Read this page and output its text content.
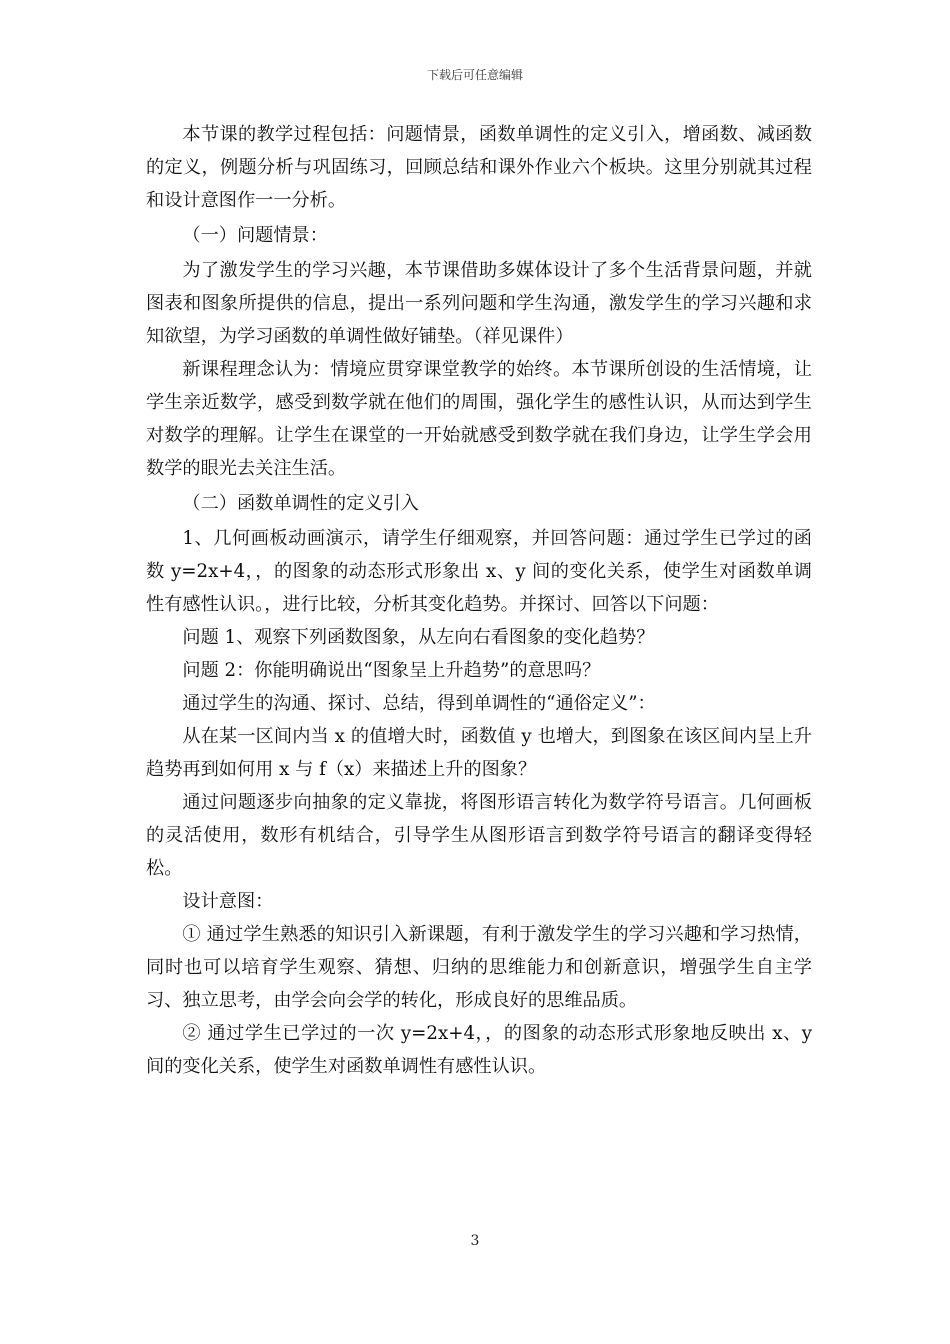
下载后可任意编辑

本节课的教学过程包括：问题情景，函数单调性的定义引入，增函数、减函数的定义，例题分析与巩固练习，回顾总结和课外作业六个板块。这里分别就其过程和设计意图作一一分析。

（一）问题情景：

为了激发学生的学习兴趣，本节课借助多媒体设计了多个生活背景问题，并就图表和图象所提供的信息，提出一系列问题和学生沟通，激发学生的学习兴趣和求知欲望，为学习函数的单调性做好铺垫。（祥见课件）

新课程理念认为：情境应贯穿课堂教学的始终。本节课所创设的生活情境，让学生亲近数学，感受到数学就在他们的周围，强化学生的感性认识，从而达到学生对数学的理解。让学生在课堂的一开始就感受到数学就在我们身边，让学生学会用数学的眼光去关注生活。

（二）函数单调性的定义引入

1、几何画板动画演示，请学生仔细观察，并回答问题：通过学生已学过的函数 y=2x+4，，的图象的动态形式形象出 x、y 间的变化关系，使学生对函数单调性有感性认识。，进行比较，分析其变化趋势。并探讨、回答以下问题：

问题 1、观察下列函数图象，从左向右看图象的变化趋势？

问题 2：你能明确说出“图象呈上升趋势”的意思吗？

通过学生的沟通、探讨、总结，得到单调性的“通俗定义”：

从在某一区间内当 x 的值增大时，函数值 y 也增大，到图象在该区间内呈上升趋势再到如何用 x 与 f（x）来描述上升的图象？

通过问题逐步向抽象的定义靠拢，将图形语言转化为数学符号语言。几何画板的灵活使用，数形有机结合，引导学生从图形语言到数学符号语言的翻译变得轻松。

设计意图：

① 通过学生熟悉的知识引入新课题，有利于激发学生的学习兴趣和学习热情，同时也可以培育学生观察、猜想、归纳的思维能力和创新意识，增强学生自主学习、独立思考，由学会向会学的转化，形成良好的思维品质。

② 通过学生已学过的一次 y=2x+4，，的图象的动态形式形象地反映出 x、y 间的变化关系，使学生对函数单调性有感性认识。

3
